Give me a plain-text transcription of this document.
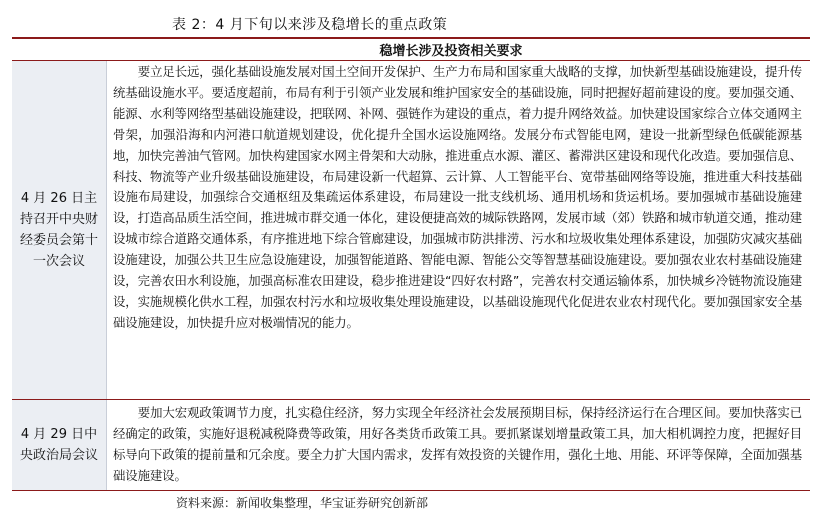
表 2：4 月下旬以来涉及稳增长的重点政策
稳增长涉及投资相关要求
4 月 26 日主持召开中央财经委员会第十一次会议

要立足长远，强化基础设施发展对国土空间开发保护、生产力布局和国家重大战略的支撑，加快新型基础设施建设，提升传统基础设施水平。要适度超前，布局有利于引领产业发展和维护国家安全的基础设施，同时把握好超前建设的度。要加强交通、能源、水利等网络型基础设施建设，把联网、补网、强链作为建设的重点，着力提升网络效益。加快建设国家综合立体交通网主骨架，加强沿海和内河港口航道规划建设，优化提升全国水运设施网络。发展分布式智能电网，建设一批新型绿色低碳能源基地，加快完善油气管网。加快构建国家水网主骨架和大动脉，推进重点水源、灌区、蓄滞洪区建设和现代化改造。要加强信息、科技、物流等产业升级基础设施建设，布局建设新一代超算、云计算、人工智能平台、宽带基础网络等设施，推进重大科技基础设施布局建设，加强综合交通枢纽及集疏运体系建设，布局建设一批支线机场、通用机场和货运机场。要加强城市基础设施建设，打造高品质生活空间，推进城市群交通一体化，建设便捷高效的城际铁路网，发展市域（郊）铁路和城市轨道交通，推动建设城市综合道路交通体系，有序推进地下综合管廊建设，加强城市防洪排涝、污水和垃圾收集处理体系建设，加强防灾减灾基础设施建设，加强公共卫生应急设施建设，加强智能道路、智能电源、智能公交等智慧基础设施建设。要加强农业农村基础设施建设，完善农田水利设施，加强高标准农田建设，稳步推进建设“四好农村路”，完善农村交通运输体系，加快城乡冷链物流设施建设，实施规模化供水工程，加强农村污水和垃圾收集处理设施建设，以基础设施现代化促进农业农村现代化。要加强国家安全基础设施建设，加快提升应对极端情况的能力。

4 月 29 日中央政治局会议

要加大宏观政策调节力度，扎实稳住经济，努力实现全年经济社会发展预期目标，保持经济运行在合理区间。要加快落实已经确定的政策，实施好退税减税降费等政策，用好各类货币政策工具。要抓紧谋划增量政策工具，加大相机调控力度，把握好目标导向下政策的提前量和冗余度。要全力扩大国内需求，发挥有效投资的关键作用，强化土地、用能、环评等保障，全面加强基础设施建设。

资料来源：新闻收集整理，华宝证券研究创新部
